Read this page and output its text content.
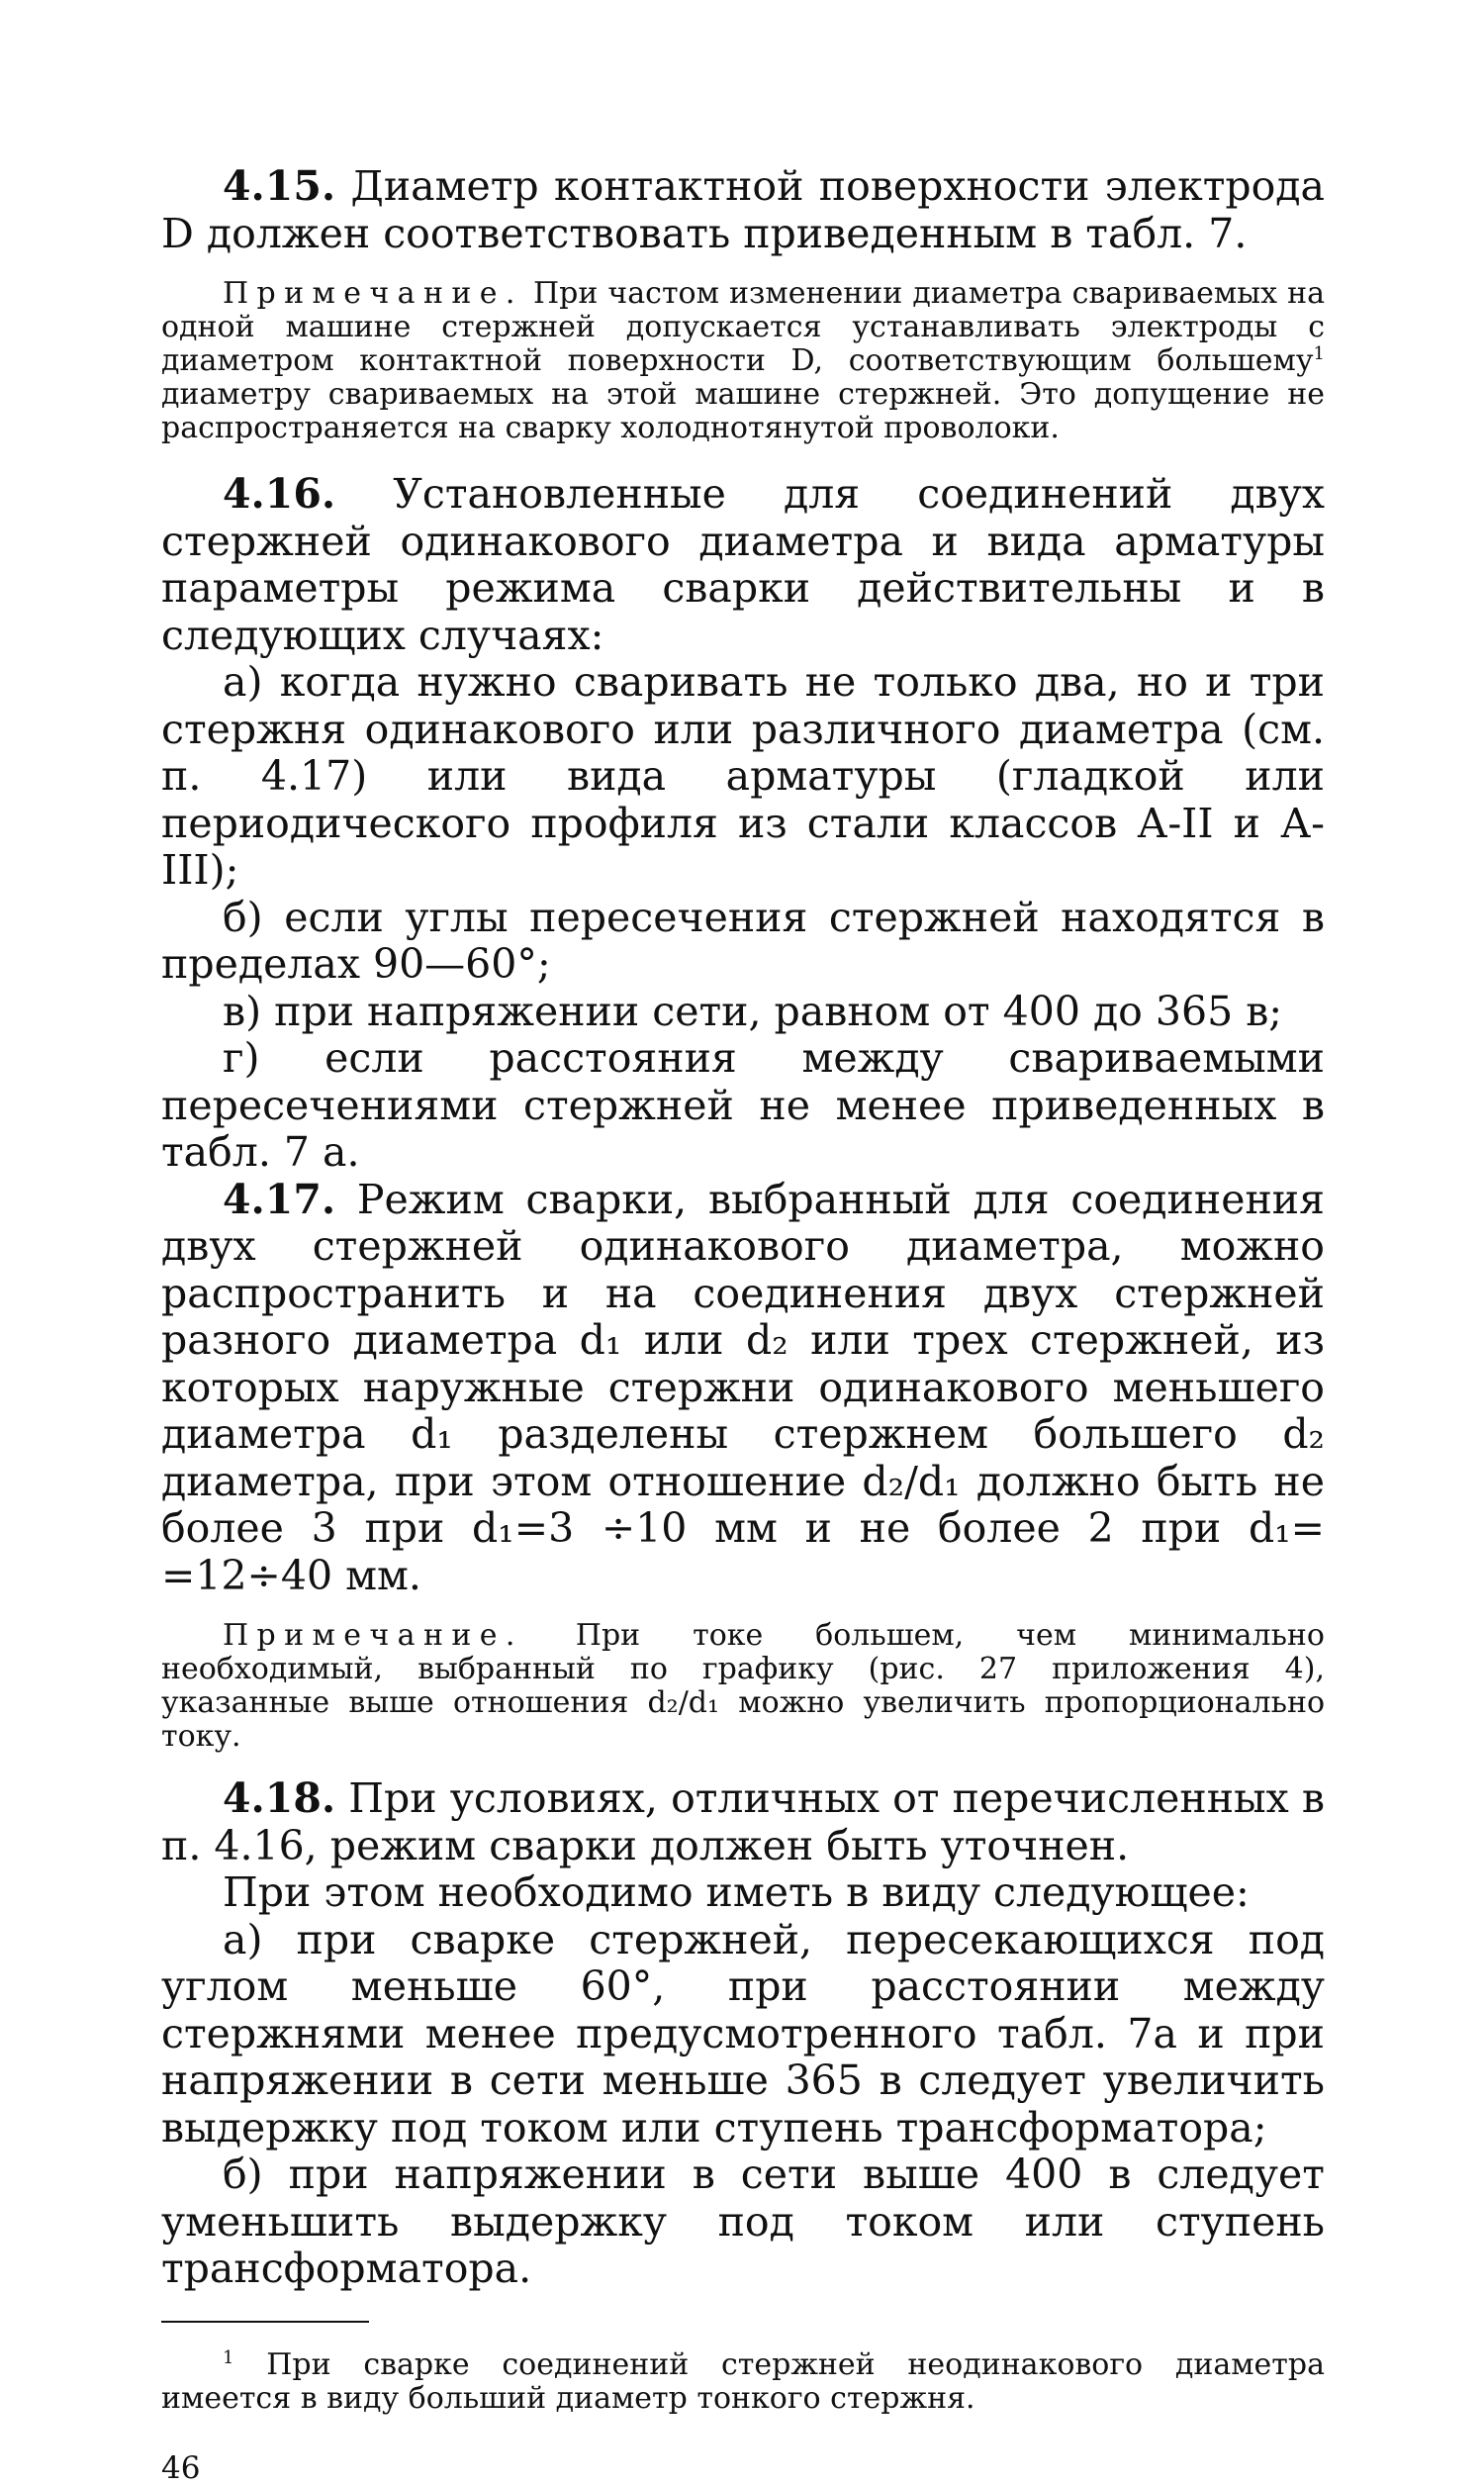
4.15. Диаметр контактной поверхности электрода D должен соответствовать приведенным в табл. 7.

Примечание. При частом изменении диаметра свариваемых на одной машине стержней допускается устанавливать электроды с диаметром контактной поверхности D, соответствующим большему$^1$ диаметру свариваемых на этой машине стержней. Это допущение не распространяется на сварку холоднотянутой проволоки.

4.16. Установленные для соединений двух стержней одинакового диаметра и вида арматуры параметры режима сварки действительны и в следующих случаях:

а) когда нужно сваривать не только два, но и три стержня одинакового или различного диаметра (см. п. 4.17) или вида арматуры (гладкой или периодического профиля из стали классов А-II и А-III);

б) если углы пересечения стержней находятся в пределах 90—60°;

в) при напряжении сети, равном от 400 до 365 в;

г) если расстояния между свариваемыми пересечениями стержней не менее приведенных в табл. 7 а.

4.17. Режим сварки, выбранный для соединения двух стержней одинакового диаметра, можно распространить и на соединения двух стержней разного диаметра d₁ или d₂ или трех стержней, из которых наружные стержни одинакового меньшего диаметра d₁ разделены стержнем большего d₂ диаметра, при этом отношение d₂/d₁ должно быть не более 3 при d₁=3 ÷10 мм и не более 2 при d₁= =12÷40 мм.

Примечание. При токе большем, чем минимально необходимый, выбранный по графику (рис. 27 приложения 4), указанные выше отношения d₂/d₁ можно увеличить пропорционально току.

4.18. При условиях, отличных от перечисленных в п. 4.16, режим сварки должен быть уточнен.

При этом необходимо иметь в виду следующее:

а) при сварке стержней, пересекающихся под углом меньше 60°, при расстоянии между стержнями менее предусмотренного табл. 7а и при напряжении в сети меньше 365 в следует увеличить выдержку под током или ступень трансформатора;

б) при напряжении в сети выше 400 в следует уменьшить выдержку под током или ступень трансформатора.

$^1$ При сварке соединений стержней неодинакового диаметра имеется в виду больший диаметр тонкого стержня.

46
